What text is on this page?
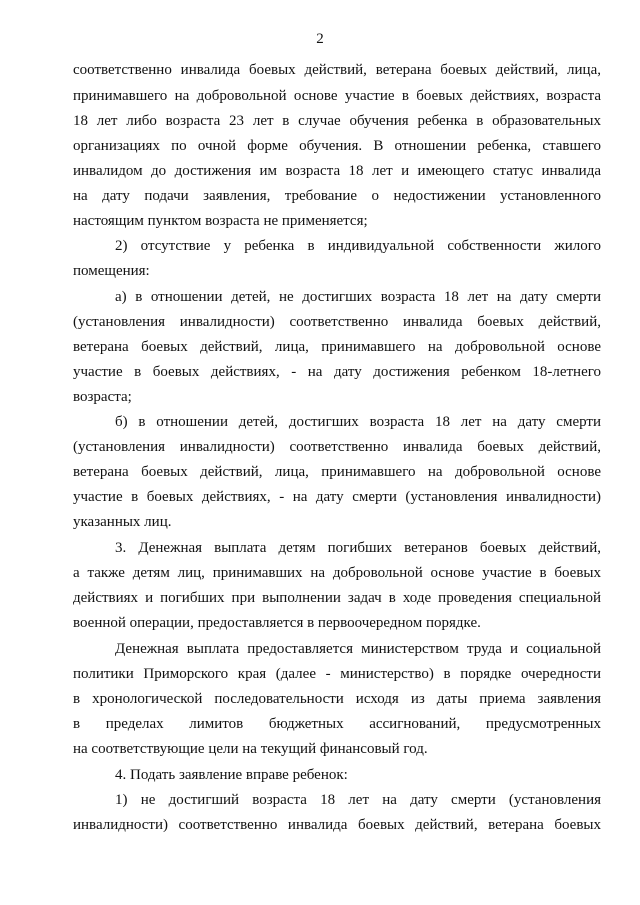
2
соответственно инвалида боевых действий, ветерана боевых действий, лица,
принимавшего на добровольной основе участие в боевых действиях, возраста
18 лет либо возраста 23 лет в случае обучения ребенка в образовательных
организациях по очной форме обучения. В отношении ребенка, ставшего
инвалидом до достижения им возраста 18 лет и имеющего статус инвалида
на дату подачи заявления, требование о недостижении установленного
настоящим пунктом возраста не применяется;
2) отсутствие у ребенка в индивидуальной собственности жилого
помещения:
а) в отношении детей, не достигших возраста 18 лет на дату смерти
(установления инвалидности) соответственно инвалида боевых действий,
ветерана боевых действий, лица, принимавшего на добровольной основе
участие в боевых действиях, - на дату достижения ребенком 18-летнего
возраста;
б) в отношении детей, достигших возраста 18 лет на дату смерти
(установления инвалидности) соответственно инвалида боевых действий,
ветерана боевых действий, лица, принимавшего на добровольной основе
участие в боевых действиях, - на дату смерти (установления инвалидности)
указанных лиц.
3. Денежная выплата детям погибших ветеранов боевых действий,
а также детям лиц, принимавших на добровольной основе участие в боевых
действиях и погибших при выполнении задач в ходе проведения специальной
военной операции, предоставляется в первоочередном порядке.
Денежная выплата предоставляется министерством труда и социальной
политики Приморского края (далее - министерство) в порядке очередности
в хронологической последовательности исходя из даты приема заявления
в пределах лимитов бюджетных ассигнований, предусмотренных
на соответствующие цели на текущий финансовый год.
4. Подать заявление вправе ребенок:
1) не достигший возраста 18 лет на дату смерти (установления
инвалидности) соответственно инвалида боевых действий, ветерана боевых
